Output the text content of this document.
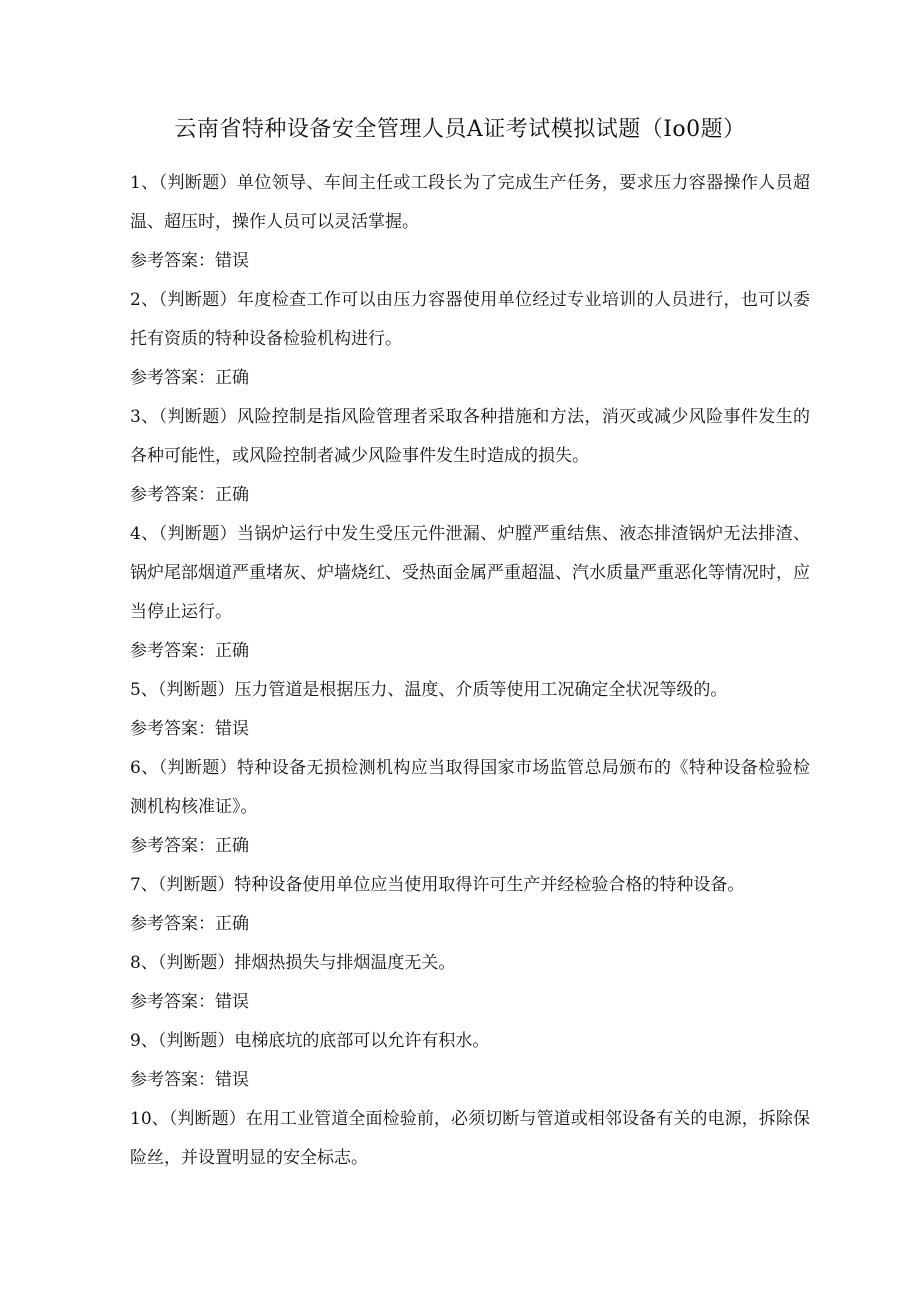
云南省特种设备安全管理人员A证考试模拟试题（Io0题）

1、（判断题）单位领导、车间主任或工段长为了完成生产任务，要求压力容器操作人员超温、超压时，操作人员可以灵活掌握。

参考答案：错误

2、（判断题）年度检查工作可以由压力容器使用单位经过专业培训的人员进行，也可以委托有资质的特种设备检验机构进行。

参考答案：正确

3、（判断题）风险控制是指风险管理者采取各种措施和方法，消灭或减少风险事件发生的各种可能性，或风险控制者减少风险事件发生时造成的损失。

参考答案：正确

4、（判断题）当锅炉运行中发生受压元件泄漏、炉膛严重结焦、液态排渣锅炉无法排渣、锅炉尾部烟道严重堵灰、炉墙烧红、受热面金属严重超温、汽水质量严重恶化等情况时，应当停止运行。

参考答案：正确

5、（判断题）压力管道是根据压力、温度、介质等使用工况确定全状况等级的。

参考答案：错误

6、（判断题）特种设备无损检测机构应当取得国家市场监管总局颁布的《特种设备检验检测机构核准证》。

参考答案：正确

7、（判断题）特种设备使用单位应当使用取得许可生产并经检验合格的特种设备。

参考答案：正确

8、（判断题）排烟热损失与排烟温度无关。

参考答案：错误

9、（判断题）电梯底坑的底部可以允许有积水。

参考答案：错误

10、（判断题）在用工业管道全面检验前，必须切断与管道或相邻设备有关的电源，拆除保险丝，并设置明显的安全标志。
